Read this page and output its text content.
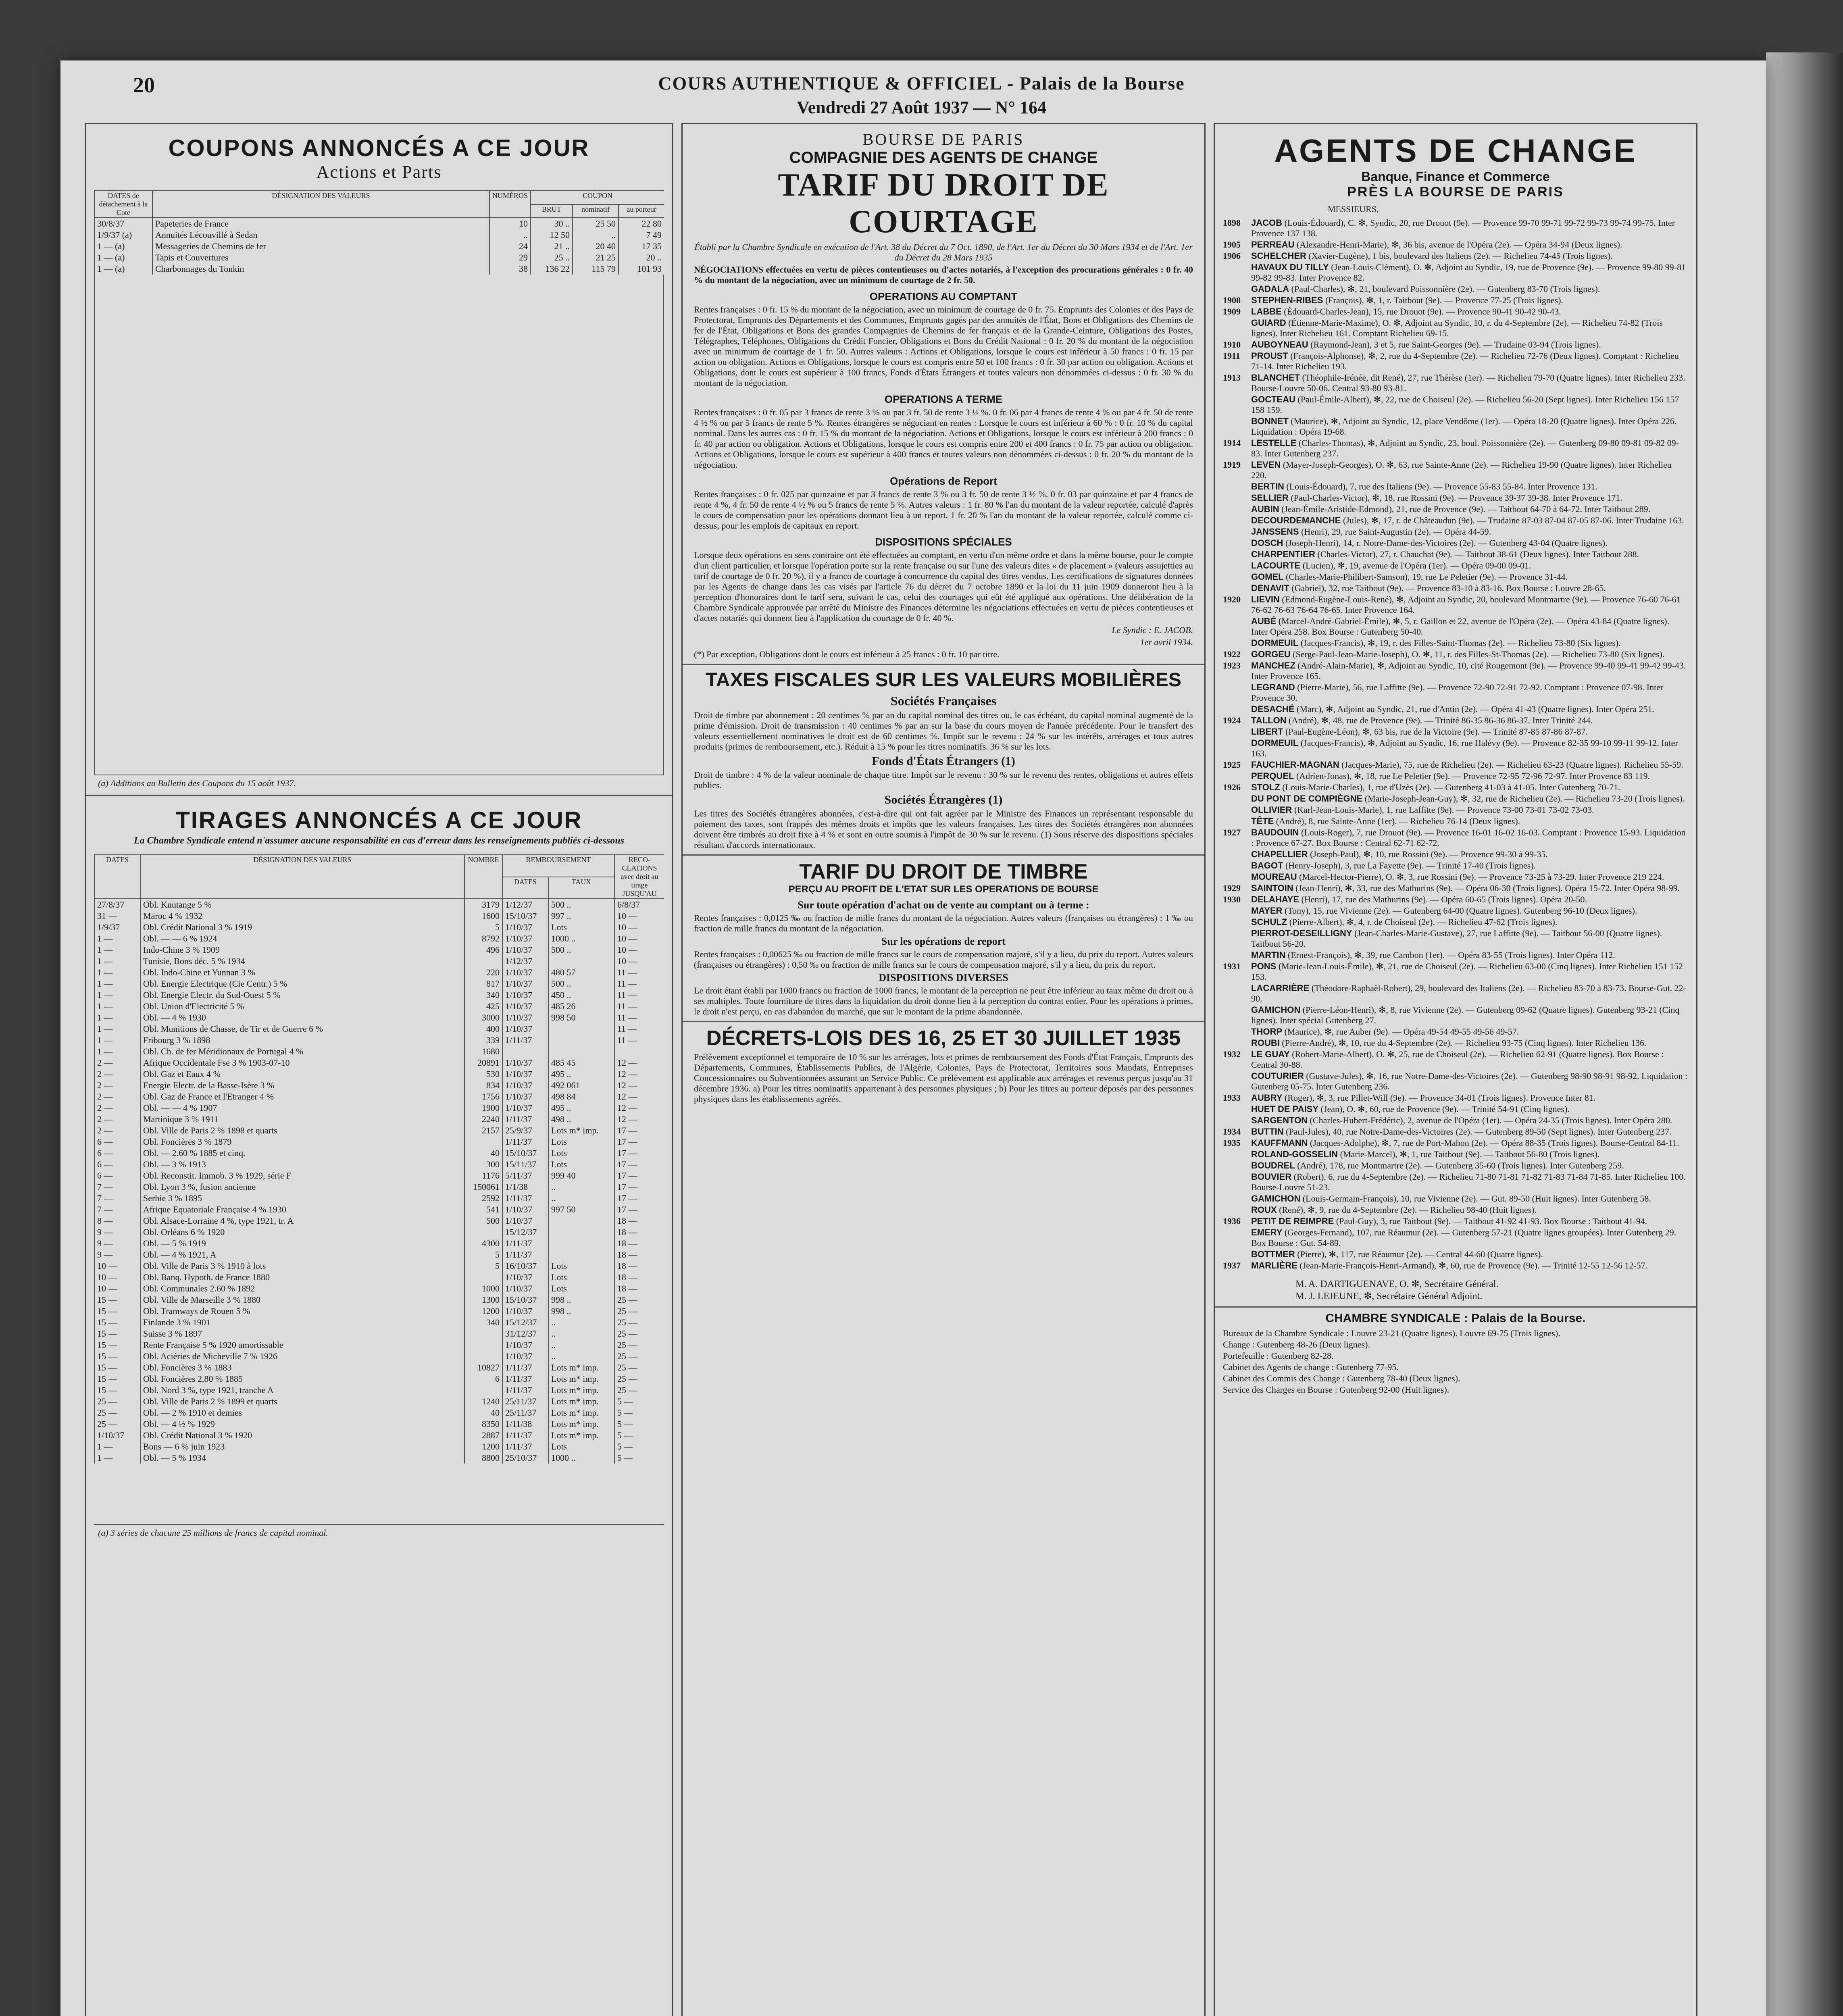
20	COURS AUTHENTIQUE & OFFICIEL - Palais de la Bourse
Vendredi 27 Août 1937 — N° 164
COUPONS ANNONCÉS A CE JOUR
Actions et Parts
DATES de détachement à la Cote	DÉSIGNATION DES VALEURS	NUMÉROS	COUPON		
			BRUT	nominatif	au porteur
30/8/37	Papeteries de France	10	30 ..	25 50	22 80
1/9/37 (a)	Annuités Lécouvillé à Sedan	..	12 50	..	7 49
1 — (a)	Messageries de Chemins de fer	24	21 ..	20 40	17 35
1 — (a)	Tapis et Couvertures	29	25 ..	21 25	20 ..
1 — (a)	Charbonnages du Tonkin	38	136 22	115 79	101 93
(a) Additions au Bulletin des Coupons du 15 août 1937.
TIRAGES ANNONCÉS A CE JOUR
La Chambre Syndicale entend n'assumer aucune responsabilité en cas d'erreur dans les renseignements publiés ci-dessous
DATES	DÉSIGNATION DES VALEURS	NOMBRE	REMBOURSEMENT		RECO-CLATIONS avec droit au tirage JUSQU'AU
			DATES	TAUX	
27/8/37	Obl. Knutange 5 %	3179	1/12/37	500 ..	6/8/37
31 —	Maroc 4 % 1932	1600	15/10/37	997 ..	10 —
1/9/37	Obl. Crédit National 3 % 1919	5	1/10/37	Lots	10 —
1 —	Obl. — — 6 % 1924	8792	1/10/37	1000 ..	10 —
1 —	Indo-Chine 3 % 1909	496	1/10/37	500 ..	10 —
1 —	Tunisie, Bons déc. 5 % 1934		1/12/37		10 —
1 —	Obl. Indo-Chine et Yunnan 3 %	220	1/10/37	480 57	11 —
1 —	Obl. Energie Electrique (Cie Centr.) 5 %	817	1/10/37	500 ..	11 —
1 —	Obl. Energie Electr. du Sud-Ouest 5 %	340	1/10/37	450 ..	11 —
1 —	Obl. Union d'Electricité 5 %	425	1/10/37	485 26	11 —
1 —	Obl. — 4 % 1930	3000	1/10/37	998 50	11 —
1 —	Obl. Munitions de Chasse, de Tir et de Guerre 6 %	400	1/10/37		11 —
1 —	Fribourg 3 % 1898	339	1/11/37		11 —
1 —	Obl. Ch. de fer Méridionaux de Portugal 4 %	1680			
2 —	Afrique Occidentale Fse 3 % 1903-07-10	20891	1/10/37	485 45	12 —
2 —	Obl. Gaz et Eaux 4 %	530	1/10/37	495 ..	12 —
2 —	Energie Electr. de la Basse-Isère 3 %	834	1/10/37	492 061	12 —
2 —	Obl. Gaz de France et l'Etranger 4 %	1756	1/10/37	498 84	12 —
2 —	Obl. — — 4 % 1907	1900	1/10/37	495 ..	12 —
2 —	Martinique 3 % 1911	2240	1/11/37	498 ..	12 —
2 —	Obl. Ville de Paris 2 % 1898 et quarts	2157	25/9/37	Lots m* imp.	17 —
6 —	Obl. Foncières 3 % 1879		1/11/37	Lots	17 —
6 —	Obl. — 2.60 % 1885 et cinq.	40	15/10/37	Lots	17 —
6 —	Obl. — 3 % 1913	300	15/11/37	Lots	17 —
6 —	Obl. Reconstit. Immob. 3 % 1929, série F	1176	5/11/37	999 40	17 —
7 —	Obl. Lyon 3 %, fusion ancienne	150061	1/1/38	..	17 —
7 —	Serbie 3 % 1895	2592	1/11/37	..	17 —
7 —	Afrique Equatoriale Française 4 % 1930	541	1/10/37	997 50	17 —
8 —	Obl. Alsace-Lorraine 4 %, type 1921, tr. A	500	1/10/37		18 —
9 —	Obl. Orléans 6 % 1920		15/12/37		18 —
9 —	Obl. — 5 % 1919	4300	1/11/37		18 —
9 —	Obl. — 4 % 1921, A	5	1/11/37		18 —
10 —	Obl. Ville de Paris 3 % 1910 à lots	5	16/10/37	Lots	18 —
10 —	Obl. Banq. Hypoth. de France 1880		1/10/37	Lots	18 —
10 —	Obl. Communales 2.60 % 1892	1000	1/10/37	Lots	18 —
15 —	Obl. Ville de Marseille 3 % 1880	1300	15/10/37	998 ..	25 —
15 —	Obl. Tramways de Rouen 5 %	1200	1/10/37	998 ..	25 —
15 —	Finlande 3 % 1901	340	15/12/37	..	25 —
15 —	Suisse 3 % 1897		31/12/37	..	25 —
15 —	Rente Française 5 % 1920 amortissable		1/10/37	..	25 —
15 —	Obl. Aciéries de Micheville 7 % 1926		1/10/37	..	25 —
15 —	Obl. Foncières 3 % 1883	10827	1/11/37	Lots m* imp.	25 —
15 —	Obl. Foncières 2,80 % 1885	6	1/11/37	Lots m* imp.	25 —
15 —	Obl. Nord 3 %, type 1921, tranche A		1/11/37	Lots m* imp.	25 —
25 —	Obl. Ville de Paris 2 % 1899 et quarts	1240	25/11/37	Lots m* imp.	5 —
25 —	Obl. — 2 % 1910 et demies	40	25/11/37	Lots m* imp.	5 —
25 —	Obl. — 4 ½ % 1929	8350	1/11/38	Lots m* imp.	5 —
1/10/37	Obl. Crédit National 3 % 1920	2887	1/11/37	Lots m* imp.	5 —
1 —	Bons — 6 % juin 1923	1200	1/11/37	Lots	5 —
1 —	Obl. — 5 % 1934	8800	25/10/37	1000 ..	5 —
(a) 3 séries de chacune 25 millions de francs de capital nominal.
BOURSE DE PARIS
COMPAGNIE DES AGENTS DE CHANGE
TARIF DU DROIT DE COURTAGE
Établi par la Chambre Syndicale en exécution de l'Art. 38 du Décret du 7 Oct. 1890, de l'Art. 1er du Décret du 30 Mars 1934 et de l'Art. 1er du Décret du 28 Mars 1935
NÉGOCIATIONS effectuées en vertu de pièces contentieuses ou d'actes notariés, à l'exception des procurations générales : 0 fr. 40 % du montant de la négociation, avec un minimum de courtage de 2 fr. 50.
OPERATIONS AU COMPTANT
Rentes françaises : 0 fr. 15 % du montant de la négociation, avec un minimum de courtage de 0 fr. 75. Emprunts des Colonies et des Pays de Protectorat, Emprunts des Départements et des Communes, Emprunts gagés par des annuités de l'État, Bons et Obligations des Chemins de fer de l'État, Obligations et Bons des grandes Compagnies de Chemins de fer français et de la Grande-Ceinture, Obligations des Postes, Télégraphes, Téléphones, Obligations du Crédit Foncier, Obligations et Bons du Crédit National : 0 fr. 20 % du montant de la négociation avec un minimum de courtage de 1 fr. 50. Autres valeurs : Actions et Obligations, lorsque le cours est inférieur à 50 francs : 0 fr. 15 par action ou obligation. Actions et Obligations, lorsque le cours est compris entre 50 et 100 francs : 0 fr. 30 par action ou obligation. Actions et Obligations, dont le cours est supérieur à 100 francs, Fonds d'États Étrangers et toutes valeurs non dénommées ci-dessus : 0 fr. 30 % du montant de la négociation.
OPERATIONS A TERME
Rentes françaises : 0 fr. 05 par 3 francs de rente 3 % ou par 3 fr. 50 de rente 3 ½ %. 0 fr. 06 par 4 francs de rente 4 % ou par 4 fr. 50 de rente 4 ½ % ou par 5 francs de rente 5 %. Rentes étrangères se négociant en rentes : Lorsque le cours est inférieur à 60 % : 0 fr. 10 % du capital nominal. Dans les autres cas : 0 fr. 15 % du montant de la négociation. Actions et Obligations, lorsque le cours est inférieur à 200 francs : 0 fr. 40 par action ou obligation. Actions et Obligations, lorsque le cours est compris entre 200 et 400 francs : 0 fr. 75 par action ou obligation. Actions et Obligations, lorsque le cours est supérieur à 400 francs et toutes valeurs non dénommées ci-dessus : 0 fr. 20 % du montant de la négociation.
Opérations de Report
Rentes françaises : 0 fr. 025 par quinzaine et par 3 francs de rente 3 % ou 3 fr. 50 de rente 3 ½ %. 0 fr. 03 par quinzaine et par 4 francs de rente 4 %, 4 fr. 50 de rente 4 ½ % ou 5 francs de rente 5 %. Autres valeurs : 1 fr. 80 % l'an du montant de la valeur reportée, calculé d'après le cours de compensation pour les opérations donnant lieu à un report. 1 fr. 20 % l'an du montant de la valeur reportée, calculé comme ci-dessus, pour les emplois de capitaux en report.
DISPOSITIONS SPÉCIALES
Lorsque deux opérations en sens contraire ont été effectuées au comptant, en vertu d'un même ordre et dans la même bourse, pour le compte d'un client particulier, et lorsque l'opération porte sur la rente française ou sur l'une des valeurs dites « de placement » (valeurs assujetties au tarif de courtage de 0 fr. 20 %), il y a franco de courtage à concurrence du capital des titres vendus. Les certifications de signatures données par les Agents de change dans les cas visés par l'article 76 du décret du 7 octobre 1890 et la loi du 11 juin 1909 donneront lieu à la perception d'honoraires dont le tarif sera, suivant le cas, celui des courtages qui eût été appliqué aux opérations. Une délibération de la Chambre Syndicale approuvée par arrêté du Ministre des Finances détermine les négociations effectuées en vertu de pièces contentieuses et d'actes notariés qui donnent lieu à l'application du courtage de 0 fr. 40 %.
Le Syndic : E. JACOB.
1er avril 1934.
(*) Par exception, Obligations dont le cours est inférieur à 25 francs : 0 fr. 10 par titre.
TAXES FISCALES SUR LES VALEURS MOBILIÈRES
Sociétés Françaises
Droit de timbre par abonnement : 20 centimes % par an du capital nominal des titres ou, le cas échéant, du capital nominal augmenté de la prime d'émission. Droit de transmission : 40 centimes % par an sur la base du cours moyen de l'année précédente. Pour le transfert des valeurs essentiellement nominatives le droit est de 60 centimes %. Impôt sur le revenu : 24 % sur les intérêts, arrérages et tous autres produits (primes de remboursement, etc.). Réduit à 15 % pour les titres nominatifs. 36 % sur les lots.
Fonds d'États Étrangers (1)
Droit de timbre : 4 % de la valeur nominale de chaque titre. Impôt sur le revenu : 30 % sur le revenu des rentes, obligations et autres effets publics.
Sociétés Étrangères (1)
Les titres des Sociétés étrangères abonnées, c'est-à-dire qui ont fait agréer par le Ministre des Finances un représentant responsable du paiement des taxes, sont frappés des mêmes droits et impôts que les valeurs françaises. Les titres des Sociétés étrangères non abonnées doivent être timbrés au droit fixe à 4 % et sont en outre soumis à l'impôt de 30 % sur le revenu. (1) Sous réserve des dispositions spéciales résultant d'accords internationaux.
TARIF DU DROIT DE TIMBRE
PERÇU AU PROFIT DE L'ETAT SUR LES OPERATIONS DE BOURSE
Sur toute opération d'achat ou de vente au comptant ou à terme :
Rentes françaises : 0,0125 ‰ ou fraction de mille francs du montant de la négociation. Autres valeurs (françaises ou étrangères) : 1 ‰ ou fraction de mille francs du montant de la négociation.
Sur les opérations de report
Rentes françaises : 0,00625 ‰ ou fraction de mille francs sur le cours de compensation majoré, s'il y a lieu, du prix du report. Autres valeurs (françaises ou étrangères) : 0,50 ‰ ou fraction de mille francs sur le cours de compensation majoré, s'il y a lieu, du prix du report.
DISPOSITIONS DIVERSES
Le droit étant établi par 1000 francs ou fraction de 1000 francs, le montant de la perception ne peut être inférieur au taux même du droit ou à ses multiples. Toute fourniture de titres dans la liquidation du droit donne lieu à la perception du contrat entier. Pour les opérations à primes, le droit n'est perçu, en cas d'abandon du marché, que sur le montant de la prime abandonnée.
DÉCRETS-LOIS DES 16, 25 ET 30 JUILLET 1935
Prélèvement exceptionnel et temporaire de 10 % sur les arrérages, lots et primes de remboursement des Fonds d'État Français, Emprunts des Départements, Communes, Établissements Publics, de l'Algérie, Colonies, Pays de Protectorat, Territoires sous Mandats, Entreprises Concessionnaires ou Subventionnées assurant un Service Public. Ce prélèvement est applicable aux arrérages et revenus perçus jusqu'au 31 décembre 1936. a) Pour les titres nominatifs appartenant à des personnes physiques ; b) Pour les titres au porteur déposés par des personnes physiques dans les établissements agréés.
AGENTS DE CHANGE
Banque, Finance et Commerce
PRÈS LA BOURSE DE PARIS
MESSIEURS,
1898	JACOB (Louis-Édouard), C. ✻, Syndic, 20, rue Drouot (9e). — Provence 99-70 99-71 99-72 99-73 99-74 99-75. Inter Provence 137 138.
1905	PERREAU (Alexandre-Henri-Marie), ✻, 36 bis, avenue de l'Opéra (2e). — Opéra 34-94 (Deux lignes).
1906	SCHELCHER (Xavier-Eugène), 1 bis, boulevard des Italiens (2e). — Richelieu 74-45 (Trois lignes).
HAVAUX DU TILLY (Jean-Louis-Clément), O. ✻, Adjoint au Syndic, 19, rue de Provence (9e). — Provence 99-80 99-81 99-82 99-83. Inter Provence 82.
GADALA (Paul-Charles), ✻, 21, boulevard Poissonnière (2e). — Gutenberg 83-70 (Trois lignes).
1908	STEPHEN-RIBES (François), ✻, 1, r. Taitbout (9e). — Provence 77-25 (Trois lignes).
1909	LABBE (Édouard-Charles-Jean), 15, rue Drouot (9e). — Provence 90-41 90-42 90-43.
GUIARD (Étienne-Marie-Maxime), O. ✻, Adjoint au Syndic, 10, r. du 4-Septembre (2e). — Richelieu 74-82 (Trois lignes). Inter Richelieu 161. Comptant Richelieu 69-15.
1910	AUBOYNEAU (Raymond-Jean), 3 et 5, rue Saint-Georges (9e). — Trudaine 03-94 (Trois lignes).
1911	PROUST (François-Alphonse), ✻, 2, rue du 4-Septembre (2e). — Richelieu 72-76 (Deux lignes). Comptant : Richelieu 71-14. Inter Richelieu 193.
1913	BLANCHET (Théophile-Irénée, dit René), 27, rue Thérèse (1er). — Richelieu 79-70 (Quatre lignes). Inter Richelieu 233. Bourse-Louvre 50-06. Central 93-80 93-81.
GOCTEAU (Paul-Émile-Albert), ✻, 22, rue de Choiseul (2e). — Richelieu 56-20 (Sept lignes). Inter Richelieu 156 157 158 159.
BONNET (Maurice), ✻, Adjoint au Syndic, 12, place Vendôme (1er). — Opéra 18-20 (Quatre lignes). Inter Opéra 226. Liquidation : Opéra 19-68.
1914	LESTELLE (Charles-Thomas), ✻, Adjoint au Syndic, 23, boul. Poissonnière (2e). — Gutenberg 09-80 09-81 09-82 09-83. Inter Gutenberg 237.
1919	LEVEN (Mayer-Joseph-Georges), O. ✻, 63, rue Sainte-Anne (2e). — Richelieu 19-90 (Quatre lignes). Inter Richelieu 220.
BERTIN (Louis-Édouard), 7, rue des Italiens (9e). — Provence 55-83 55-84. Inter Provence 131.
SELLIER (Paul-Charles-Victor), ✻, 18, rue Rossini (9e). — Provence 39-37 39-38. Inter Provence 171.
AUBIN (Jean-Émile-Aristide-Edmond), 21, rue de Provence (9e). — Taitbout 64-70 à 64-72. Inter Taitbout 289.
DECOURDEMANCHE (Jules), ✻, 17, r. de Châteaudun (9e). — Trudaine 87-03 87-04 87-05 87-06. Inter Trudaine 163.
JANSSENS (Henri), 29, rue Saint-Augustin (2e). — Opéra 44-59.
DOSCH (Joseph-Henri), 14, r. Notre-Dame-des-Victoires (2e). — Gutenberg 43-04 (Quatre lignes).
CHARPENTIER (Charles-Victor), 27, r. Chauchat (9e). — Taitbout 38-61 (Deux lignes). Inter Taitbout 288.
LACOURTE (Lucien), ✻, 19, avenue de l'Opéra (1er). — Opéra 09-00 09-01.
GOMEL (Charles-Marie-Philibert-Samson), 19, rue Le Peletier (9e). — Provence 31-44.
DENAVIT (Gabriel), 32, rue Taitbout (9e). — Provence 83-10 à 83-16. Box Bourse : Louvre 28-65.
1920	LIEVIN (Edmond-Eugène-Louis-René), ✻, Adjoint au Syndic, 20, boulevard Montmartre (9e). — Provence 76-60 76-61 76-62 76-63 76-64 76-65. Inter Provence 164.
AUBÉ (Marcel-André-Gabriel-Émile), ✻, 5, r. Gaillon et 22, avenue de l'Opéra (2e). — Opéra 43-84 (Quatre lignes). Inter Opéra 258. Box Bourse : Gutenberg 50-40.
DORMEUIL (Jacques-Francis), ✻, 19, r. des Filles-Saint-Thomas (2e). — Richelieu 73-80 (Six lignes).
1922	GORGEU (Serge-Paul-Jean-Marie-Joseph), O. ✻, 11, r. des Filles-St-Thomas (2e). — Richelieu 73-80 (Six lignes).
1923	MANCHEZ (André-Alain-Marie), ✻, Adjoint au Syndic, 10, cité Rougemont (9e). — Provence 99-40 99-41 99-42 99-43. Inter Provence 165.
LEGRAND (Pierre-Marie), 56, rue Laffitte (9e). — Provence 72-90 72-91 72-92. Comptant : Provence 07-98. Inter Provence 30.
DESACHÉ (Marc), ✻, Adjoint au Syndic, 21, rue d'Antin (2e). — Opéra 41-43 (Quatre lignes). Inter Opéra 251.
1924	TALLON (André), ✻, 48, rue de Provence (9e). — Trinité 86-35 86-36 86-37. Inter Trinité 244.
LIBERT (Paul-Eugène-Léon), ✻, 63 bis, rue de la Victoire (9e). — Trinité 87-85 87-86 87-87.
DORMEUIL (Jacques-Francis), ✻, Adjoint au Syndic, 16, rue Halévy (9e). — Provence 82-35 99-10 99-11 99-12. Inter 163.
1925	FAUCHIER-MAGNAN (Jacques-Marie), 75, rue de Richelieu (2e). — Richelieu 63-23 (Quatre lignes). Richelieu 55-59.
PERQUEL (Adrien-Jonas), ✻, 18, rue Le Peletier (9e). — Provence 72-95 72-96 72-97. Inter Provence 83 119.
1926	STOLZ (Louis-Marie-Charles), 1, rue d'Uzès (2e). — Gutenberg 41-03 à 41-05. Inter Gutenberg 70-71.
DU PONT DE COMPIÈGNE (Marie-Joseph-Jean-Guy), ✻, 32, rue de Richelieu (2e). — Richelieu 73-20 (Trois lignes).
OLLIVIER (Karl-Jean-Louis-Marie), 1, rue Laffitte (9e). — Provence 73-00 73-01 73-02 73-03.
TÊTE (André), 8, rue Sainte-Anne (1er). — Richelieu 76-14 (Deux lignes).
1927	BAUDOUIN (Louis-Roger), 7, rue Drouot (9e). — Provence 16-01 16-02 16-03. Comptant : Provence 15-93. Liquidation : Provence 67-27. Box Bourse : Central 62-71 62-72.
CHAPELLIER (Joseph-Paul), ✻, 10, rue Rossini (9e). — Provence 99-30 à 99-35.
BAGOT (Henry-Joseph), 3, rue La Fayette (9e). — Trinité 17-40 (Trois lignes).
MOUREAU (Marcel-Hector-Pierre), O. ✻, 3, rue Rossini (9e). — Provence 73-25 à 73-29. Inter Provence 219 224.
1929	SAINTOIN (Jean-Henri), ✻, 33, rue des Mathurins (9e). — Opéra 06-30 (Trois lignes). Opéra 15-72. Inter Opéra 98-99.
1930	DELAHAYE (Henri), 17, rue des Mathurins (9e). — Opéra 60-65 (Trois lignes). Opéra 20-50.
MAYER (Tony), 15, rue Vivienne (2e). — Gutenberg 64-00 (Quatre lignes). Gutenberg 96-10 (Deux lignes).
SCHULZ (Pierre-Albert), ✻, 4, r. de Choiseul (2e). — Richelieu 47-62 (Trois lignes).
PIERROT-DESEILLIGNY (Jean-Charles-Marie-Gustave), 27, rue Laffitte (9e). — Taitbout 56-00 (Quatre lignes). Taitbout 56-20.
MARTIN (Ernest-François), ✻, 39, rue Cambon (1er). — Opéra 83-55 (Trois lignes). Inter Opéra 112.
1931	PONS (Marie-Jean-Louis-Émile), ✻, 21, rue de Choiseul (2e). — Richelieu 63-00 (Cinq lignes). Inter Richelieu 151 152 153.
LACARRIÈRE (Théodore-Raphaël-Robert), 29, boulevard des Italiens (2e). — Richelieu 83-70 à 83-73. Bourse-Gut. 22-90.
GAMICHON (Pierre-Léon-Henri), ✻, 8, rue Vivienne (2e). — Gutenberg 09-62 (Quatre lignes). Gutenberg 93-21 (Cinq lignes). Inter spécial Gutenberg 27.
THORP (Maurice), ✻, rue Auber (9e). — Opéra 49-54 49-55 49-56 49-57.
ROUBI (Pierre-André), ✻, 10, rue du 4-Septembre (2e). — Richelieu 93-75 (Cinq lignes). Inter Richelieu 136.
1932	LE GUAY (Robert-Marie-Albert), O. ✻, 25, rue de Choiseul (2e). — Richelieu 62-91 (Quatre lignes). Box Bourse : Central 30-88.
COUTURIER (Gustave-Jules), ✻, 16, rue Notre-Dame-des-Victoires (2e). — Gutenberg 98-90 98-91 98-92. Liquidation : Gutenberg 05-75. Inter Gutenberg 236.
1933	AUBRY (Roger), ✻, 3, rue Pillet-Will (9e). — Provence 34-01 (Trois lignes). Provence Inter 81.
HUET DE PAISY (Jean), O. ✻, 60, rue de Provence (9e). — Trinité 54-91 (Cinq lignes).
SARGENTON (Charles-Hubert-Frédéric), 2, avenue de l'Opéra (1er). — Opéra 24-35 (Trois lignes). Inter Opéra 280.
1934	BUTTIN (Paul-Jules), 40, rue Notre-Dame-des-Victoires (2e). — Gutenberg 89-50 (Sept lignes). Inter Gutenberg 237.
1935	KAUFFMANN (Jacques-Adolphe), ✻, 7, rue de Port-Mahon (2e). — Opéra 88-35 (Trois lignes). Bourse-Central 84-11.
ROLAND-GOSSELIN (Marie-Marcel), ✻, 1, rue Taitbout (9e). — Taitbout 56-80 (Trois lignes).
BOUDREL (André), 178, rue Montmartre (2e). — Gutenberg 35-60 (Trois lignes). Inter Gutenberg 259.
BOUVIER (Robert), 6, rue du 4-Septembre (2e). — Richelieu 71-80 71-81 71-82 71-83 71-84 71-85. Inter Richelieu 100. Bourse-Louvre 51-23.
GAMICHON (Louis-Germain-François), 10, rue Vivienne (2e). — Gut. 89-50 (Huit lignes). Inter Gutenberg 58.
ROUX (René), ✻, 9, rue du 4-Septembre (2e). — Richelieu 98-40 (Huit lignes).
1936	PETIT DE REIMPRE (Paul-Guy), 3, rue Taitbout (9e). — Taitbout 41-92 41-93. Box Bourse : Taitbout 41-94.
EMERY (Georges-Fernand), 107, rue Réaumur (2e). — Gutenberg 57-21 (Quatre lignes groupées). Inter Gutenberg 29. Box Bourse : Gut. 54-89.
BOTTMER (Pierre), ✻, 117, rue Réaumur (2e). — Central 44-60 (Quatre lignes).
1937	MARLIÈRE (Jean-Marie-François-Henri-Armand), ✻, 60, rue de Provence (9e). — Trinité 12-55 12-56 12-57.
M. A. DARTIGUENAVE, O. ✻, Secrétaire Général.
M. J. LEJEUNE, ✻, Secrétaire Général Adjoint.
CHAMBRE SYNDICALE : Palais de la Bourse.
Bureaux de la Chambre Syndicale : Louvre 23-21 (Quatre lignes). Louvre 69-75 (Trois lignes).
Change : Gutenberg 48-26 (Deux lignes).
Portefeuille : Gutenberg 82-28.
Cabinet des Agents de change : Gutenberg 77-95.
Cabinet des Commis des Change : Gutenberg 78-40 (Deux lignes).
Service des Charges en Bourse : Gutenberg 92-00 (Huit lignes).
